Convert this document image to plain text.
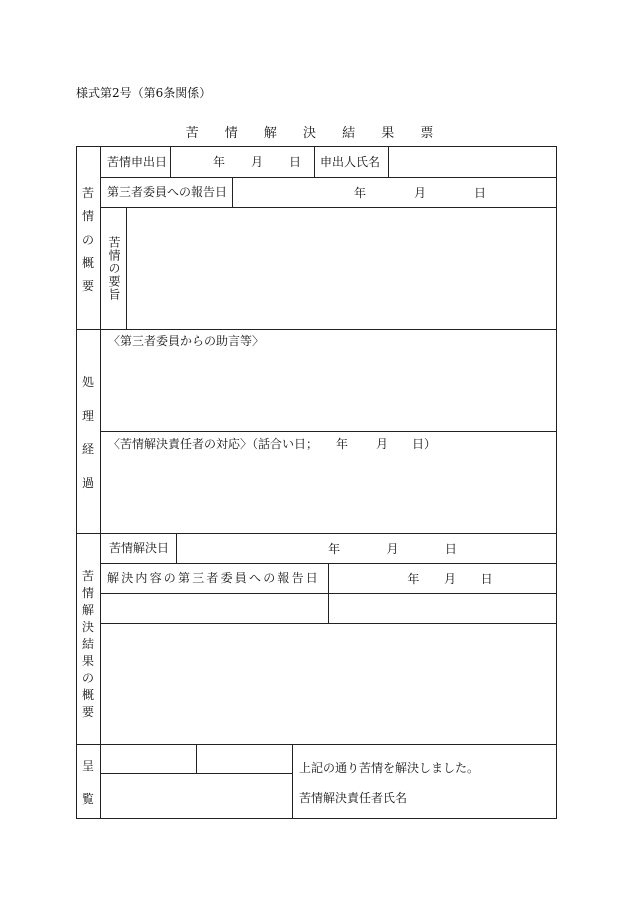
様式第2号（第6条関係）
苦 情 解 決 結 果 票
苦
情
の
概
要
苦情申出日	年 月 日 申出人氏名
第三者委員への報告日	年	月	日
苦情の要旨
処
理
経
過
〈第三者委員からの助言等〉
〈苦情解決責任者の対応〉（話合い日； 年 月 日）
苦
情
解
決
結
果
の
概
要
苦情解決日	年	月	日
解決内容の第三者委員への報告日	年 月 日
呈
覧
上記の通り苦情を解決しました。
苦情解決責任者氏名
